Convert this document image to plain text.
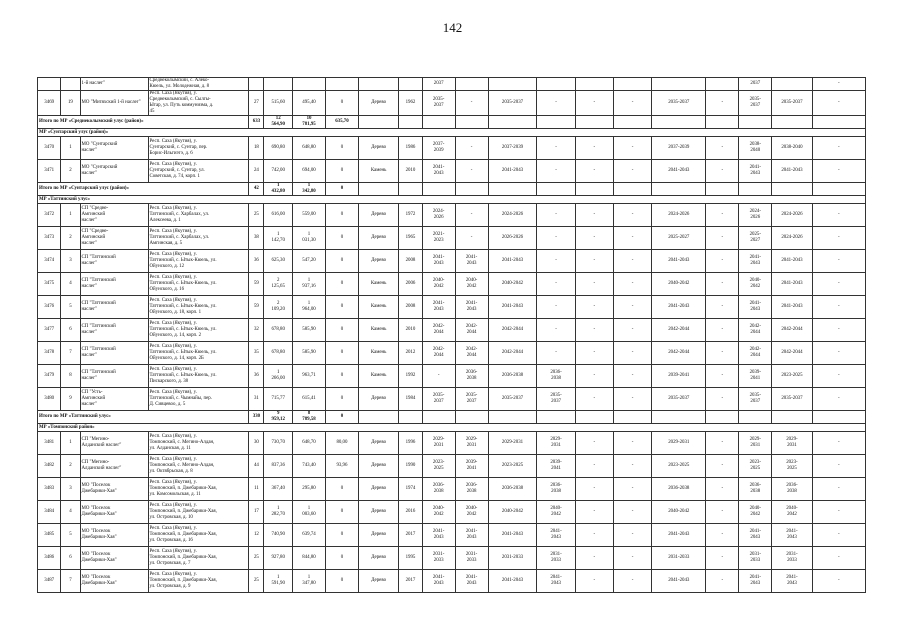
142
		1-й наслег"	Среднеколымский, с. Алеко-
Кюель, ул. Молодежная, д. 8							2037								2037		-
3469	19	МО "Митяхский 1-й наслег"	Респ. Саха (Якутия), у.
Среднеколымский, с. Сылгы-
Ытар, ул. Путь коммунизма, д.
45	27	515,60	495,40	0	Дерево	1962	2035-
2037	-	2035-2037	-	-	-	2035-2037	-	2035-
2037	2035-2037	-
Итого по МР «Среднеколымский улус (район)»				633	12
564,90	10
781,95	635,70													
МР «Сунтарский улус (район)»																				
3470	1	МО "Сунтарский
наслег"	Респ. Саха (Якутия), у.
Сунтарский, с. Сунтар, пер.
Борис-Ильгиэтэ, д. 6	18	690,80	648,80	0	Дерево	1986	2037-
2039	-	2037-2039	-	-	-	2037-2039	-	2038-
2040	2038-2040	-
3471	2	МО "Сунтарский
наслег"	Респ. Саха (Якутия), у.
Сунтарский, с. Сунтар, ул.
Советская, д. 74, корп. 1	24	742,00	694,00	0	Камень	2010	2041-
2043	-	2041-2043	-	-	-	2041-2043	-	2041-
2043	2041-2043	-
Итого по МР «Сунтарский улус (район)»				42	1
432,80	1
342,80	0													
МР «Таттинский улус»																				
3472	1	СП "Средне-
Амгинский
наслег"	Респ. Саха (Якутия), у.
Таттинский, с. Харбалах, ул.
Алексеева, д. 1	25	616,00	559,00	0	Дерево	1972	2024-
2026	-	2024-2026	-	-	-	2024-2026	-	2024-
2026	2024-2026	-
3473	2	СП "Средне-
Амгинский
наслег"	Респ. Саха (Якутия), у.
Таттинский, с. Харбалах, ул.
Амгинская, д. 5	38	1
142,70	1
031,30	0	Дерево	1965	2021-
2023	-	2026-2026	-	-	-	2025-2027	-	2025-
2027	2024-2026	-
3474	3	СП "Таттинский
наслег"	Респ. Саха (Якутия), у.
Таттинский, с. Ытык-Кюель, ул.
Ойунского, д. 12	36	625,30	547,20	0	Дерево	2008	2041-
2043	2041-
2043	2041-2043	-	-	-	2041-2043	-	2041-
2043	2041-2043	-
3475	4	СП "Таттинский
наслег"	Респ. Саха (Якутия), у.
Таттинский, с. Ытык-Кюель, ул.
Ойунского, д. 16	59	2
125,65	1
937,16	0	Камень	2006	2040-
2042	2040-
2042	2040-2042	-	-	-	2040-2042	-	2040-
2042	2041-2043	-
3476	5	СП "Таттинский
наслег"	Респ. Саха (Якутия), у.
Таттинский, с. Ытык-Кюель, ул.
Ойунского, д. 18, корп. 1	59	2
109,20	1
964,00	0	Камень	2008	2041-
2043	2041-
2043	2041-2043	-	-	-	2041-2043	-	2041-
2043	2041-2043	-
3477	6	СП "Таттинский
наслег"	Респ. Саха (Якутия), у.
Таттинский, с. Ытык-Кюель, ул.
Ойунского, д. 14, корп. 2	32	678,80	585,90	0	Камень	2010	2042-
2044	2042-
2044	2042-2044	-	-	-	2042-2044	-	2042-
2044	2042-2044	-
3478	7	СП "Таттинский
наслег"	Респ. Саха (Якутия), у.
Таттинский, с. Ытык-Кюель, ул.
Ойунского, д. 14, корп. 2Б	35	678,80	585,90	0	Камень	2012	2042-
2044	2042-
2044	2042-2044	-	-	-	2042-2044	-	2042-
2044	2042-2044	-
3479	8	СП "Таттинский
наслег"	Респ. Саха (Якутия), у.
Таттинский, с. Ытык-Кюель, ул.
Пискарского, д. 38	36	1
266,00	963,71	0	Камень	1992	-	2036-
2038	2036-2038	2036-
2038	-	-	2039-2041	-	2039-
2041	2023-2025	-
3480	9	СП "Усть-
Амгинский
наслег"	Респ. Саха (Якутия), у.
Таттинский, с. Чымнайы, пер.
Д. Сивцевоо, д. 5	31	715,77	615,41	0	Дерево	1984	2035-
2037	2035-
2037	2035-2037	2035-
2037	-	-	2035-2037	-	2035-
2037	2035-2037	-
Итого по МР «Таттинский улус»				330	9
959,12	8
789,58	0													
МР «Томпонский район»																				
3481	1	СП "Мегино-
Алданский наслег"	Респ. Саха (Якутия), у.
Томпонский, с. Мегино-Алдан,
ул. Алданская, д. 11	30	730,70	648,70	80,00	Дерево	1996	2029-
2031	2029-
2031	2029-2031	2029-
2031	-	-	2029-2031	-	2029-
2031	2029-
2031	-
3482	2	СП "Мегино-
Алданский наслег"	Респ. Саха (Якутия), у.
Томпонский, с. Мегино-Алдан,
ул. Октябрьская, д. 8	44	837,36	743,40	93,96	Дерево	1990	2023-
2025	2039-
2041	2023-2025	2039-
2041	-	-	2023-2025	-	2023-
2025	2023-
2025	-
3483	3	МО "Поселок
Джебарики-Хая"	Респ. Саха (Якутия), у.
Томпонский, п. Джебарики-Хая,
ул. Комсомольская, д. 11	11	367,40	295,80	0	Дерево	1974	2036-
2038	2036-
2038	2036-2038	2036-
2038	-	-	2036-2038	-	2036-
2038	2036-
2038	-
3484	4	МО "Поселок
Джебарики-Хая"	Респ. Саха (Якутия), у.
Томпонский, п. Джебарики-Хая,
ул. Островская, д. 10	17	1
282,70	1
003,60	0	Дерево	2016	2040-
2042	2040-
2042	2040-2042	2040-
2042	-	-	2040-2042	-	2040-
2042	2040-
2042	-
3485	5	МО "Поселок
Джебарики-Хая"	Респ. Саха (Якутия), у.
Томпонский, п. Джебарики-Хая,
ул. Островская, д. 16	12	740,90	639,74	0	Дерево	2017	2041-
2043	2041-
2043	2041-2043	2041-
2043	-	-	2041-2043	-	2041-
2043	2041-
2043	-
3486	6	МО "Поселок
Джебарики-Хая"	Респ. Саха (Якутия), у.
Томпонский, п. Джебарики-Хая,
ул. Островская, д. 7	25	927,80	844,80	0	Дерево	1995	2031-
2033	2031-
2033	2031-2033	2031-
2033	-	-	2031-2033	-	2031-
2033	2031-
2033	-
3487	7	МО "Поселок
Джебарики-Хая"	Респ. Саха (Якутия), у.
Томпонский, п. Джебарики-Хая,
ул. Островская, д. 9	25	1
591,90	1
347,80	0	Дерево	2017	2041-
2043	2041-
2043	2041-2043	2041-
2043	-	-	2041-2043	-	2041-
2043	2041-
2043	-
